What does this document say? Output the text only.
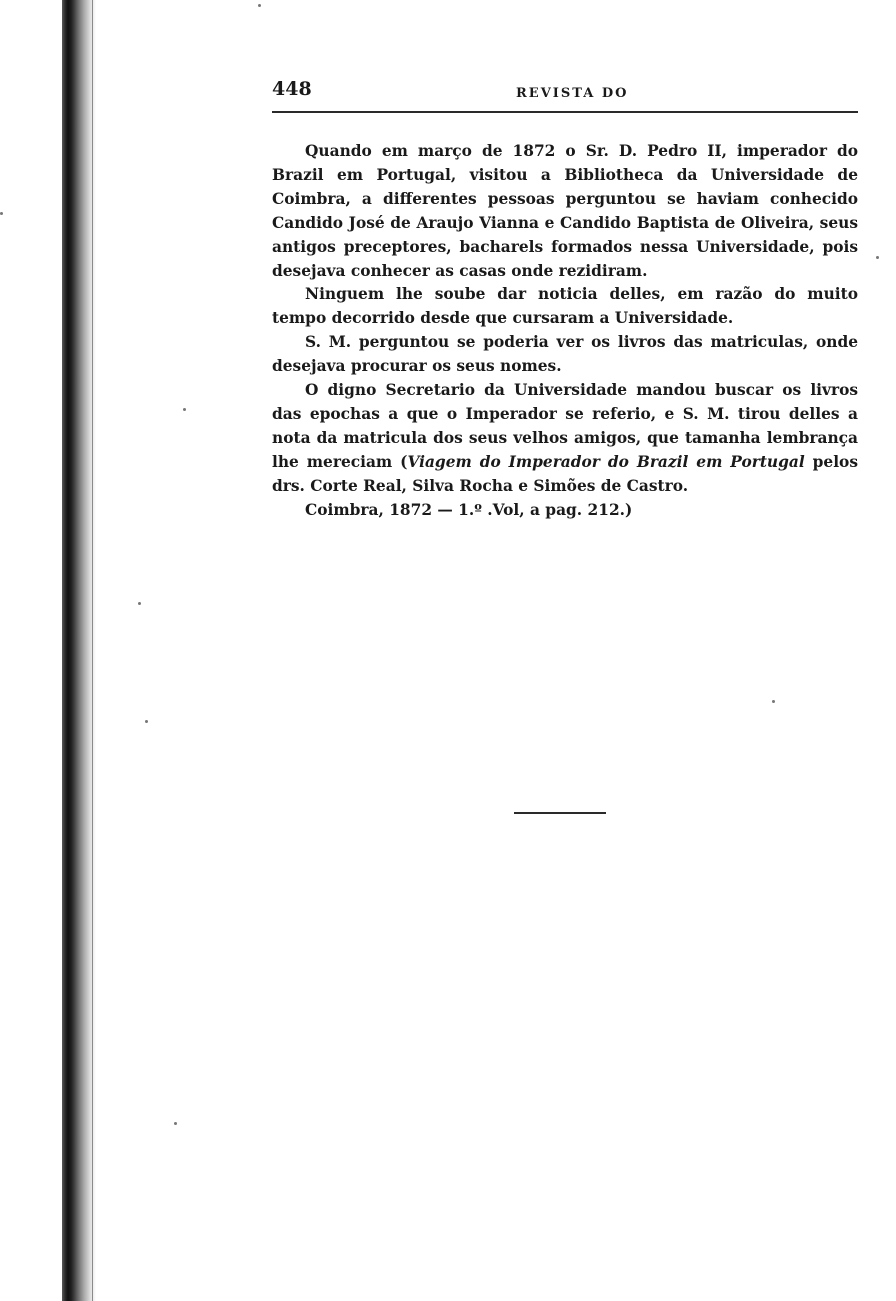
448	REVISTA DO

Quando em março de 1872 o Sr. D. Pedro II, imperador do Brazil em Portugal, visitou a Bibliotheca da Universidade de Coimbra, a differentes pessoas perguntou se haviam conhecido Candido José de Araujo Vianna e Candido Baptista de Oliveira, seus antigos preceptores, bacharels formados nessa Universidade, pois desejava conhecer as casas onde rezidiram.

Ninguem lhe soube dar noticia delles, em razão do muito tempo decorrido desde que cursaram a Universidade.

S. M. perguntou se poderia ver os livros das matriculas, onde desejava procurar os seus nomes.

O digno Secretario da Universidade mandou buscar os livros das epochas a que o Imperador se referio, e S. M. tirou delles a nota da matricula dos seus velhos amigos, que tamanha lembrança lhe mereciam (Viagem do Imperador do Brazil em Portugal pelos drs. Corte Real, Silva Rocha e Simões de Castro.

Coimbra, 1872 — 1.º .Vol, a pag. 212.)
